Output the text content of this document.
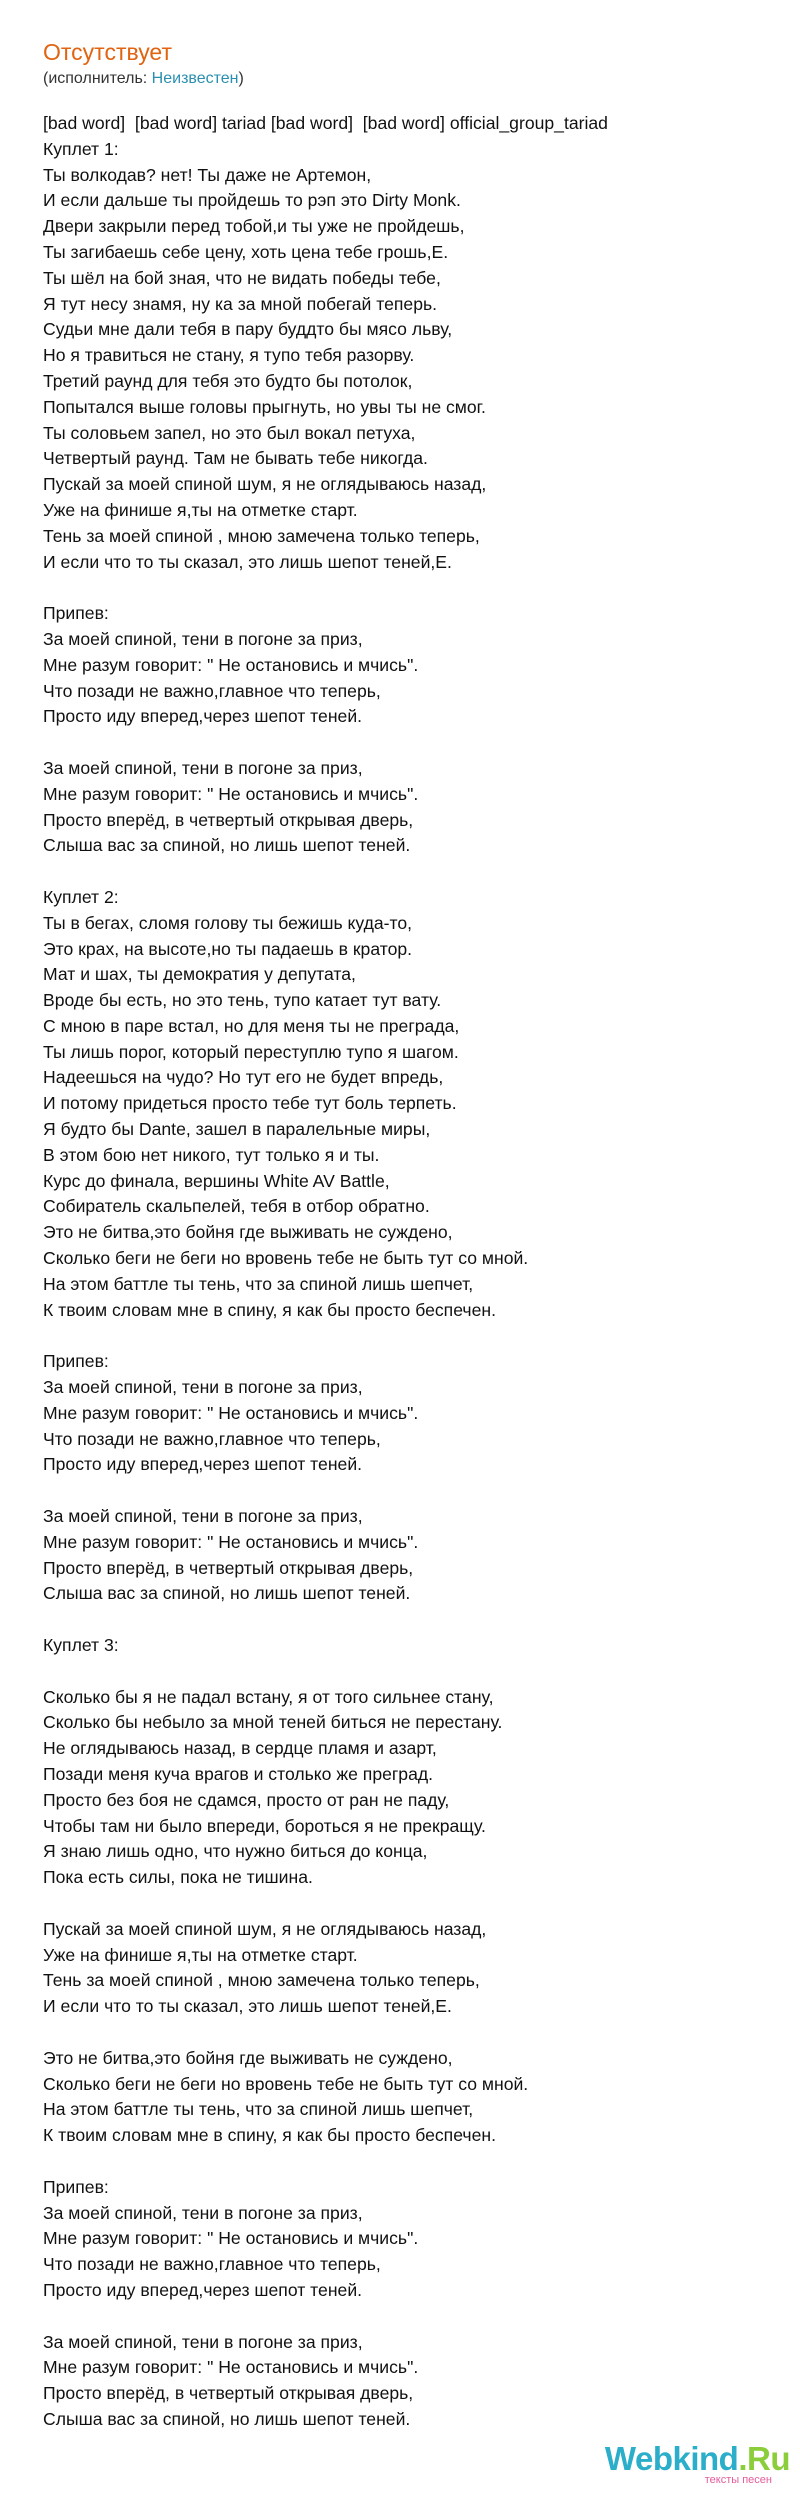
Отсутствует
(исполнитель: Неизвестен)
[bad word]  [bad word] tariad [bad word]  [bad word] official_group_tariad
Куплет 1:
Ты волкодав? нет! Ты даже не Артемон,
И если дальше ты пройдешь то рэп это Dirty Monk.
Двери закрыли перед тобой,и ты уже не пройдешь,
Ты загибаешь себе цену, хоть цена тебе грошь,Е.
Ты шёл на бой зная, что не видать победы тебе,
Я тут несу знамя, ну ка за мной побегай теперь.
Судьи мне дали тебя в пару буддто бы мясо льву,
Но я травиться не стану, я тупо тебя разорву.
Третий раунд для тебя это будто бы потолок,
Попытался выше головы прыгнуть, но увы ты не смог.
Ты соловьем запел, но это был вокал петуха,
Четвертый раунд. Там не бывать тебе никогда.
Пускай за моей спиной шум, я не оглядываюсь назад,
Уже на финише я,ты на отметке старт.
Тень за моей спиной , мною замечена только теперь,
И если что то ты сказал, это лишь шепот теней,Е.
Припев:
За моей спиной, тени в погоне за приз,
Мне разум говорит: " Не остановись и мчись".
Что позади не важно,главное что теперь,
Просто иду вперед,через шепот теней.
За моей спиной, тени в погоне за приз,
Мне разум говорит: " Не остановись и мчись".
Просто вперёд, в четвертый открывая дверь,
Слыша вас за спиной, но лишь шепот теней.
Куплет 2:
Ты в бегах, сломя голову ты бежишь куда-то,
Это крах, на высоте,но ты падаешь в кратор.
Мат и шах, ты демократия у депутата,
Вроде бы есть, но это тень, тупо катает тут вату.
С мною в паре встал, но для меня ты не преграда,
Ты лишь порог, который переступлю тупо я шагом.
Надеешься на чудо? Но тут его не будет впредь,
И потому придеться просто тебе тут боль терпеть.
Я будто бы Dante, зашел в паралельные миры,
В этом бою нет никого, тут только я и ты.
Курс до финала, вершины White AV Battle,
Собиратель скальпелей, тебя в отбор обратно.
Это не битва,это бойня где выживать не суждено,
Сколько беги не беги но вровень тебе не быть тут со мной.
На этом баттле ты тень, что за спиной лишь шепчет,
К твоим словам мне в спину, я как бы просто беспечен.
Припев:
За моей спиной, тени в погоне за приз,
Мне разум говорит: " Не остановись и мчись".
Что позади не важно,главное что теперь,
Просто иду вперед,через шепот теней.
За моей спиной, тени в погоне за приз,
Мне разум говорит: " Не остановись и мчись".
Просто вперёд, в четвертый открывая дверь,
Слыша вас за спиной, но лишь шепот теней.
Куплет 3:
Сколько бы я не падал встану, я от того сильнее стану,
Сколько бы небыло за мной теней биться не перестану.
Не оглядываюсь назад, в сердце пламя и азарт,
Позади меня куча врагов и столько же преград.
Просто без боя не сдамся, просто от ран не паду,
Чтобы там ни было впереди, бороться я не прекращу.
Я знаю лишь одно, что нужно биться до конца,
Пока есть силы, пока не тишина.
Пускай за моей спиной шум, я не оглядываюсь назад,
Уже на финише я,ты на отметке старт.
Тень за моей спиной , мною замечена только теперь,
И если что то ты сказал, это лишь шепот теней,Е.
Это не битва,это бойня где выживать не суждено,
Сколько беги не беги но вровень тебе не быть тут со мной.
На этом баттле ты тень, что за спиной лишь шепчет,
К твоим словам мне в спину, я как бы просто беспечен.
Припев:
За моей спиной, тени в погоне за приз,
Мне разум говорит: " Не остановись и мчись".
Что позади не важно,главное что теперь,
Просто иду вперед,через шепот теней.
За моей спиной, тени в погоне за приз,
Мне разум говорит: " Не остановись и мчись".
Просто вперёд, в четвертый открывая дверь,
Слыша вас за спиной, но лишь шепот теней.
Webkind.Ru
тексты песен
